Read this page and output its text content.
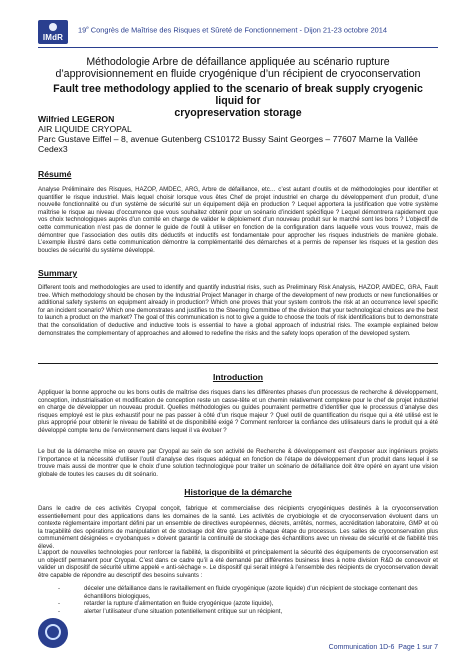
IMdR
19e Congrès de Maîtrise des Risques et Sûreté de Fonctionnement - Dijon 21-23 octobre 2014
Méthodologie Arbre de défaillance appliquée au scénario rupture
d’approvisionnement en fluide cryogénique d’un récipient de cryoconservation
Fault tree methodology applied to the scenario of break supply cryogenic liquid for
cryopreservation storage
Wilfried LEGERON
AIR LIQUIDE CRYOPAL
Parc Gustave Eiffel – 8, avenue Gutenberg CS10172 Bussy Saint Georges – 77607 Marne la Vallée
Cedex3
Résumé
Analyse Préliminaire des Risques, HAZOP, AMDEC, ARG, Arbre de défaillance, etc… c’est autant d’outils et de méthodologies pour identifier et quantifier le risque industriel. Mais lequel choisir lorsque vous êtes Chef de projet industriel en charge du développement d’un produit, d’une nouvelle fonctionnalité ou d’un système de sécurité sur un équipement déjà en production ? Lequel apportera la justification que votre système maîtrise le risque au niveau d’occurrence que vous souhaitez obtenir pour un scénario d’incident spécifique ? Lequel démontrera rapidement que vos choix technologiques auprès d’un comité en charge de valider le déploiement d’un nouveau produit sur le marché sont les bons ? L’objectif de cette communication n’est pas de donner le guide de l’outil à utiliser en fonction de la configuration dans laquelle vous vous trouvez, mais de démontrer que l’association des outils dits déductifs et inductifs est fondamentale pour approcher les risques industriels de manière globale. L’exemple illustré dans cette communication démontre la complémentarité des démarches et a permis de repenser les risques et la gestion des boucles de sécurité du système développé.
Summary
Different tools and methodologies are used to identify and quantify industrial risks, such as Preliminary Risk Analysis, HAZOP, AMDEC, GRA, Fault tree. Which methodology should be chosen by the Industrial Project Manager in charge of the development of new products or new functionalities or additional safety systems on equipment already in production? Which one proves that your system controls the risk at an occurrence level specific for an incident scenario? Which one demonstrates and justifies to the Steering Committee of the division that your technological choices are the best to launch a product on the market? The goal of this communication is not to give a guide to choose the tools of risk identifications but to demonstrate that the consolidation of deductive and inductive tools is essential to have a global approach of industrial risks. The example explained below demonstrates the complementary of approaches and allowed to redefine the risks and the safety loops operation of the developed system.
Introduction
Appliquer la bonne approche ou les bons outils de maîtrise des risques dans les différentes phases d’un processus de recherche & développement, conception, industrialisation et modification de conception reste un casse-tête et un chemin relativement complexe pour le chef de projet industriel en charge de développer un nouveau produit. Quelles méthodologies ou guides pourraient permettre d’identifier que le processus d’analyse des risques employé est le plus exhaustif pour ne pas passer à côté d’un risque majeur ? Quel outil de quantification du risque qui a été utilisé est le plus approprié pour obtenir le niveau de fiabilité et de disponibilité exigé ? Comment renforcer la confiance des utilisateurs dans le produit qui a été développé compte tenu de l’environnement dans lequel il va évoluer ?
Le but de la démarche mise en œuvre par Cryopal au sein de son activité de Recherche & développement est d’exposer aux ingénieurs projets l’importance et la nécessité d’utiliser l’outil d’analyse des risques adéquat en fonction de l’étape de développement d’un produit dans lequel il se trouve mais aussi de montrer que le choix d’une solution technologique pour traiter un scénario de défaillance doit être opéré en ayant une vision globale de toutes les causes du dit scénario.
Historique de la démarche
Dans le cadre de ces activités Cryopal conçoit, fabrique et commercialise des récipients cryogéniques destinés à la cryoconservation essentiellement pour des applications dans les domaines de la santé. Les activités de cryobiologie et de cryoconservation évoluent dans un contexte réglementaire important défini par un ensemble de directives européennes, décrets, arrêtés, normes, accréditation laboratoire, GMP et où la traçabilité des opérations de manipulation et de stockage doit être garantie à chaque étape du processus. Les salles de cryoconservation plus communément désignées « cryobanques » doivent garantir la continuité de stockage des échantillons avec un niveau de sécurité et de fiabilité très élevé.
L’apport de nouvelles technologies pour renforcer la fiabilité, la disponibilité et principalement la sécurité des équipements de cryoconservation est un objectif permanent pour Cryopal. C’est dans ce cadre qu’il a été demandé par différentes business lines à notre division R&D de concevoir et valider un dispositif de sécurité ultime appelé « anti-sèchage ». Le dispositif qui serait intégré à l’ensemble des récipients de cryoconservation devait être capable de répondre au descriptif des besoins suivants :
- déceler une défaillance dans le ravitaillement en fluide cryogénique (azote liquide) d’un récipient de stockage contenant des échantillons biologiques,
- retarder la rupture d’alimentation en fluide cryogénique (azote liquide),
- alerter l’utilisateur d’une situation potentiellement critique sur un récipient,
Communication 1D-6 Page 1 sur 7
